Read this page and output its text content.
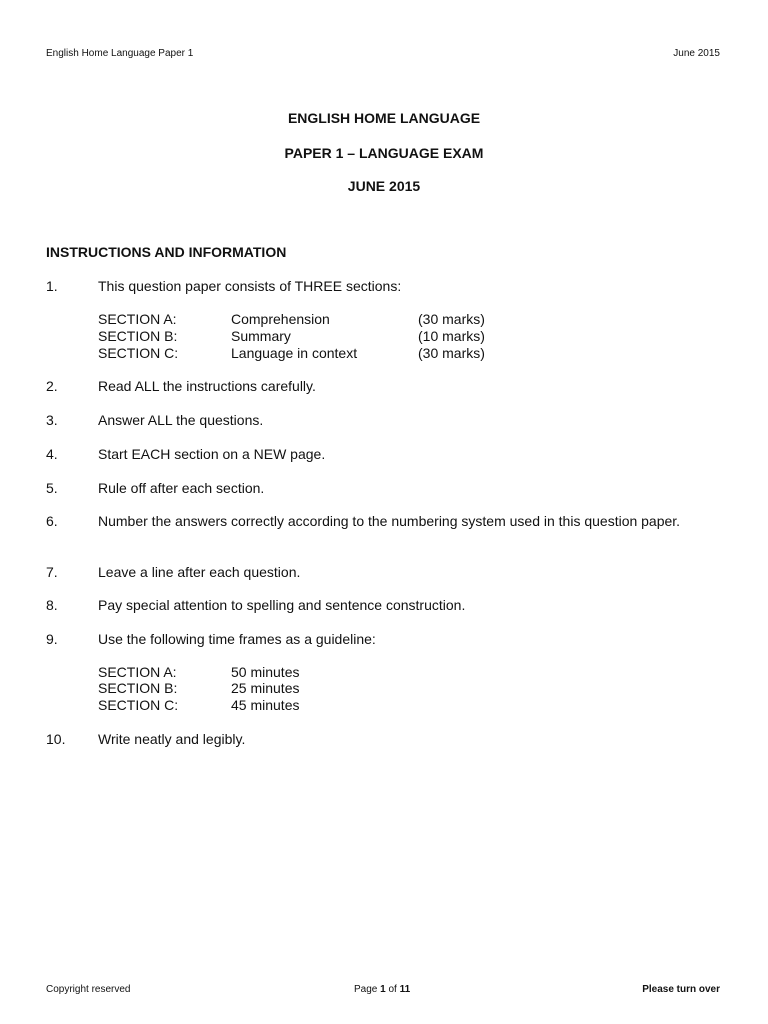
English Home Language Paper 1	June 2015
ENGLISH HOME LANGUAGE
PAPER 1 – LANGUAGE EXAM
JUNE 2015
INSTRUCTIONS AND INFORMATION
1.	This question paper consists of THREE sections:
SECTION A:	Comprehension	(30 marks)
SECTION B:	Summary	(10 marks)
SECTION C:	Language in context	(30 marks)
2.	Read ALL the instructions carefully.
3.	Answer ALL the questions.
4.	Start EACH section on a NEW page.
5.	Rule off after each section.
6.	Number the answers correctly according to the numbering system used in this question paper.
7.	Leave a line after each question.
8.	Pay special attention to spelling and sentence construction.
9.	Use the following time frames as a guideline:
SECTION A:	50 minutes
SECTION B:	25 minutes
SECTION C:	45 minutes
10.	Write neatly and legibly.
Copyright reserved	Page 1 of 11	Please turn over
